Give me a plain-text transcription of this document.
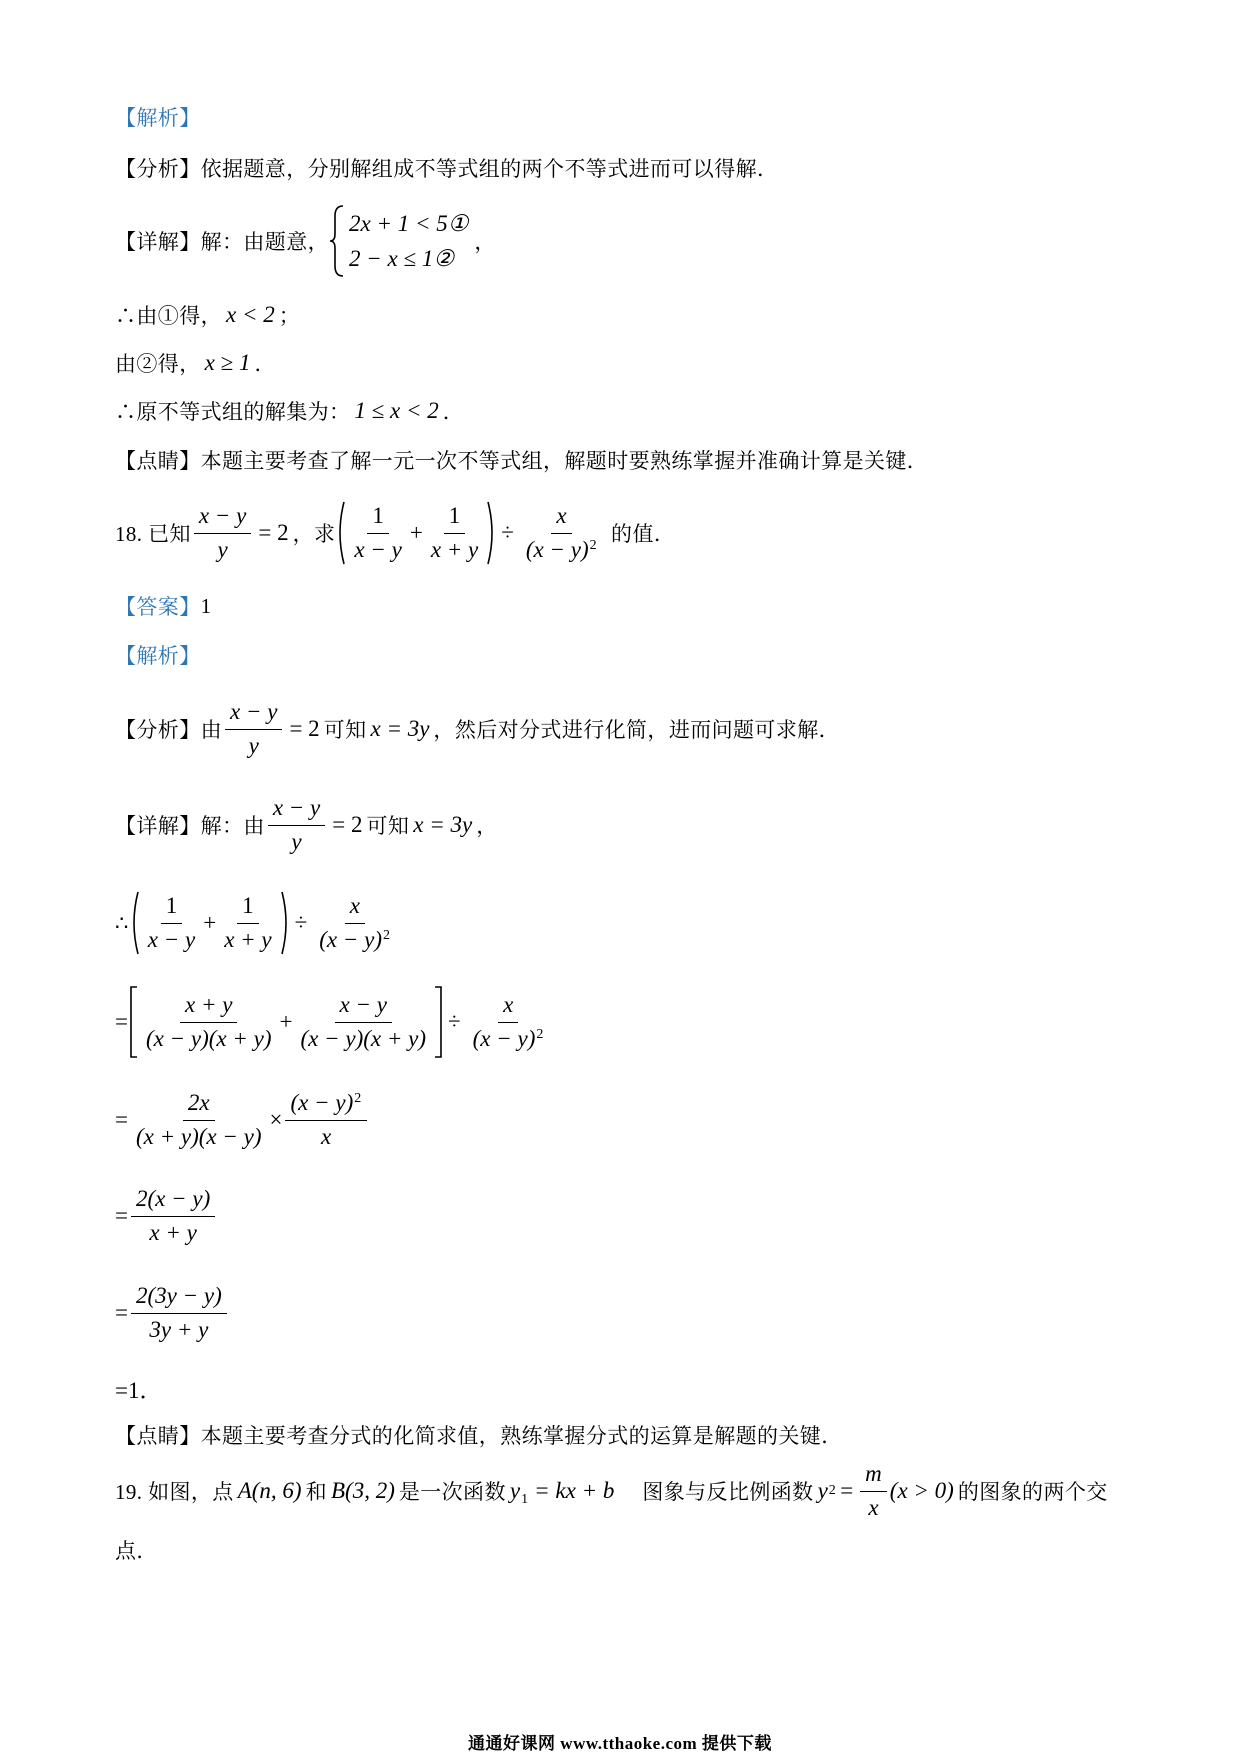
【解析】
【分析】依据题意，分别解组成不等式组的两个不等式进而可以得解．
【详解】解：由题意，
2x + 1 < 5①
2 − x ≤ 1②
，
∴由①得， x < 2 ；
由②得， x ≥ 1 ．
∴原不等式组的解集为： 1 ≤ x < 2 ．
【点睛】本题主要考查了解一元一次不等式组，解题时要熟练掌握并准确计算是关键．
18. 已知 $\frac{x - y}{y} = 2$ ，求 $\frac{1}{x - y} + \frac{1}{x + y} \div \frac{x}{(x - y)^2}$ 的值．
【答案】 1
【解析】
【分析】由 $\frac{x - y}{y} = 2$ 可知 x = 3y ，然后对分式进行化简，进而问题可求解．
【详解】解：由 $\frac{x - y}{y} = 2$ 可知 x = 3y ，
∴ $\frac{1}{x - y} + \frac{1}{x + y} \div \frac{x}{(x - y)^2}$
= $\frac{x + y}{(x - y)(x + y)} + \frac{x - y}{(x - y)(x + y)} \div \frac{x}{(x - y)^2}$
= $\frac{2x}{(x + y)(x - y)} \times \frac{(x - y)^2}{x}$
= $\frac{2(x - y)}{x + y}$
= $\frac{2(3y - y)}{3y + y}$
=1．
【点睛】本题主要考查分式的化简求值，熟练掌握分式的运算是解题的关键．
19. 如图，点 A(n, 6) 和 B(3, 2) 是一次函数 $y_1$ = kx + b 图象与反比例函数 y $2 = \frac{m}{x} (x > 0)$ 的图象的两个交
点．
通通好课网 www.tthaoke.com 提供下载
